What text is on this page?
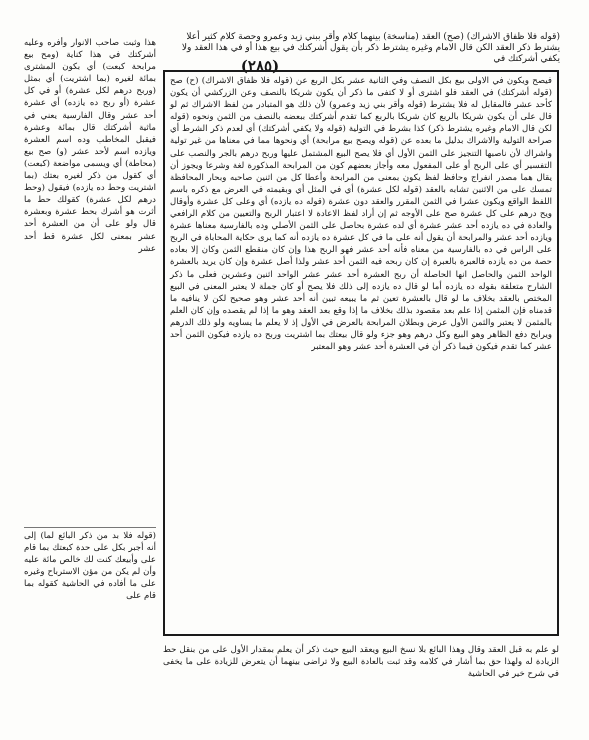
(قوله فلا ظفاق الاشراك) (صح) العقد (مناسخة) بينهما كلام وأقر ببني زيد وعمرو وحصة كلام كثير أعلا يشترط ذكر العقد الكن قال الامام وغيره يشترط ذكر بأن يقول أشركتك في بيع هذا أو في هذا العقد ولا يكفي أشركتك في
(٢٨٥)
فيصح ويكون في الاولى بيع بكل النصف وفي الثانية عشر بكل الربع عن (قوله فلا ظفاق الاشراك) (ح) صح (قوله أشركتك) في العقد فلو اشترى أو لا كتفى ما ذكر أن يكون شريكا بالنصف وعن الزركشي أن يكون كأحد عشر فالمقابل له فلا يشترط (قوله وأقر بني زيد وعمرو) لأن ذلك هو المتبادر من لفظ الاشراك ثم لو قال على أن يكون شريكا بالربع كان شريكا بالربع كما تقدم أشركتك ببعضه بالنصف من الثمن ونحوه (قوله لكن قال الامام وغيره يشترط ذكر) كذا بشرط في التولية (قوله ولا يكفي أشركتك) أي لعدم ذكر الشرط أي صراحة التولية والاشراك بدليل ما بعده عن (قوله ويصح بيع مرابحة) أي ونحوها مما في معناها من غير تولية واشراك لأن ناصبها التنجيز على الثمن الأول أي فلا يصح البيع المشتمل عليها وربح درهم بالجر والنصب على التفسير أي على الربح أو على المفعول معه وأجاز بعضهم كون من المرابحة المذكورة لغة وشرعا ويجوز أن يقال هما مصدر انفراج وحافظ لفظ يكون بمعنى من المرابحة وأعطا كل من اثنين صاحبه وبحار المحافظة تمسك على من الاثنين تشابه بالعقد (قوله لكل عشرة) أي في المثل أي وبقيمته في العرض مع ذكره باسم اللفظ الواقع ويكون عشرا في الثمن المقرر والعقد دون عشرة (قوله ده يازده) أي وعلى كل عشرة وأوقال ويح درهم على كل عشرة صح على الأوجه ثم إن أراد لفظ الاعادة لا اعتبار الربح والتعيين من كلام الرافعي والعادة في ده يازده أحد عشر عشرة أي لده عشرة بحاصل على الثمن الأصلي وده بالفارسية معناها عشرة ويازده أحد عشر والمرابحة أن يقول أنه على ما في كل عشرة ده يازده أنه كما يرى حكاية المحاباة في الربح على الراس في ده بالفارسية من معناه فأنه أحد عشر فهو الربح هذا وإن كان منقطع الثمن وكان إلا بعاده حصة من ده يازده فالعبرة بالعبرة إن كان ربحه فيه الثمن أحد عشر ولذا أصل عشرة وإن كان يريد بالعشرة الواحد الثمن والحاصل انها الحاصلة أن ربح العشرة أحد عشر عشر الواحد اثنين وعشرين فعلى ما ذكر الشارح متعلقة بقوله ده يازده أما لو قال ده يازده إلى ذلك فلا يصح أو كان جملة لا يعتبر المعنى في البيع المختص بالعقد بخلاف ما لو قال بالعشرة تعين ثم ما يبيعه تبين أنه أحد عشر وهو صحيح لكن لا ينافيه ما قدمناه فإن المثمن إذا علم بعد مقصود بذلك بخلاف ما إذا وقع بعد العقد وهو ما إذا لم يقصده وإن كان العلم بالمثمن لا يعتبر والثمن الأول عرض وبطلان المرابحة بالعرض في الأول إذ لا يعلم ما يساويه ولو ذلك الدرهم ويرابح دفع الظاهر وهو البيع وكل درهم وهو جزء ولو قال بيعتك بما اشتريت وربح ده يازده فيكون الثمن أحد عشر كما تقدم فيكون فيما ذكر أن في العشرة أحد عشر وهو المعتبر
هذا وثبت صاحب الانوار وأفره وعليه أشركتك في هذا كناية (ومح بيع مرابحة كبعت) أي بكون المشترى بمائة لغيره (بما اشتريت) أي بمثل (وربح درهم لكل عشرة) أو في كل عشرة (أو ربح ده يازده) أي عشرة أحد عشر وقال الفارسية يعني في ماثية أشركتك قال بمائة وعشرة فيقبل المخاطب وده اسم العشرة ويازده اسم لأحد عشر (و) صح بيع (محاطة) أي ويسمى مواضعة (كبعت) أي كقول من ذكر لغيره بعتك (بما اشتريت وحط ده يازده) فيقول (وحط درهم لكل عشرة) كقولك حط ما أثرت هو أشرك بحط عشرة وبعشرة قال ولو على أن من العشرة أحد عشر بمعنى لكل عشرة قط أحد عشر
(قوله فلا بد من ذكر البائع لما) إلى أنه أجبر بكل على حدة كبعتك بما قام على وأبيعك كنت لك خالص مائة عليه وأن لم يكن من مؤن الاسترباح وغيره على ما أفاده في الحاشية كقوله بما قام على
لو علم به قبل العقد وقال وهذا البائع بلا نسخ البيع ويعقد البيع حيث ذكر أن يعلم بمقدار الأول على من بنقل حط الزيادة له ولهذا حق بما أشار في كلامه وقد ثبت بالعادة البيع ولا تراضى بينهما أن يتعرض للزيادة على ما يخفى في شرح خير في الحاشية
